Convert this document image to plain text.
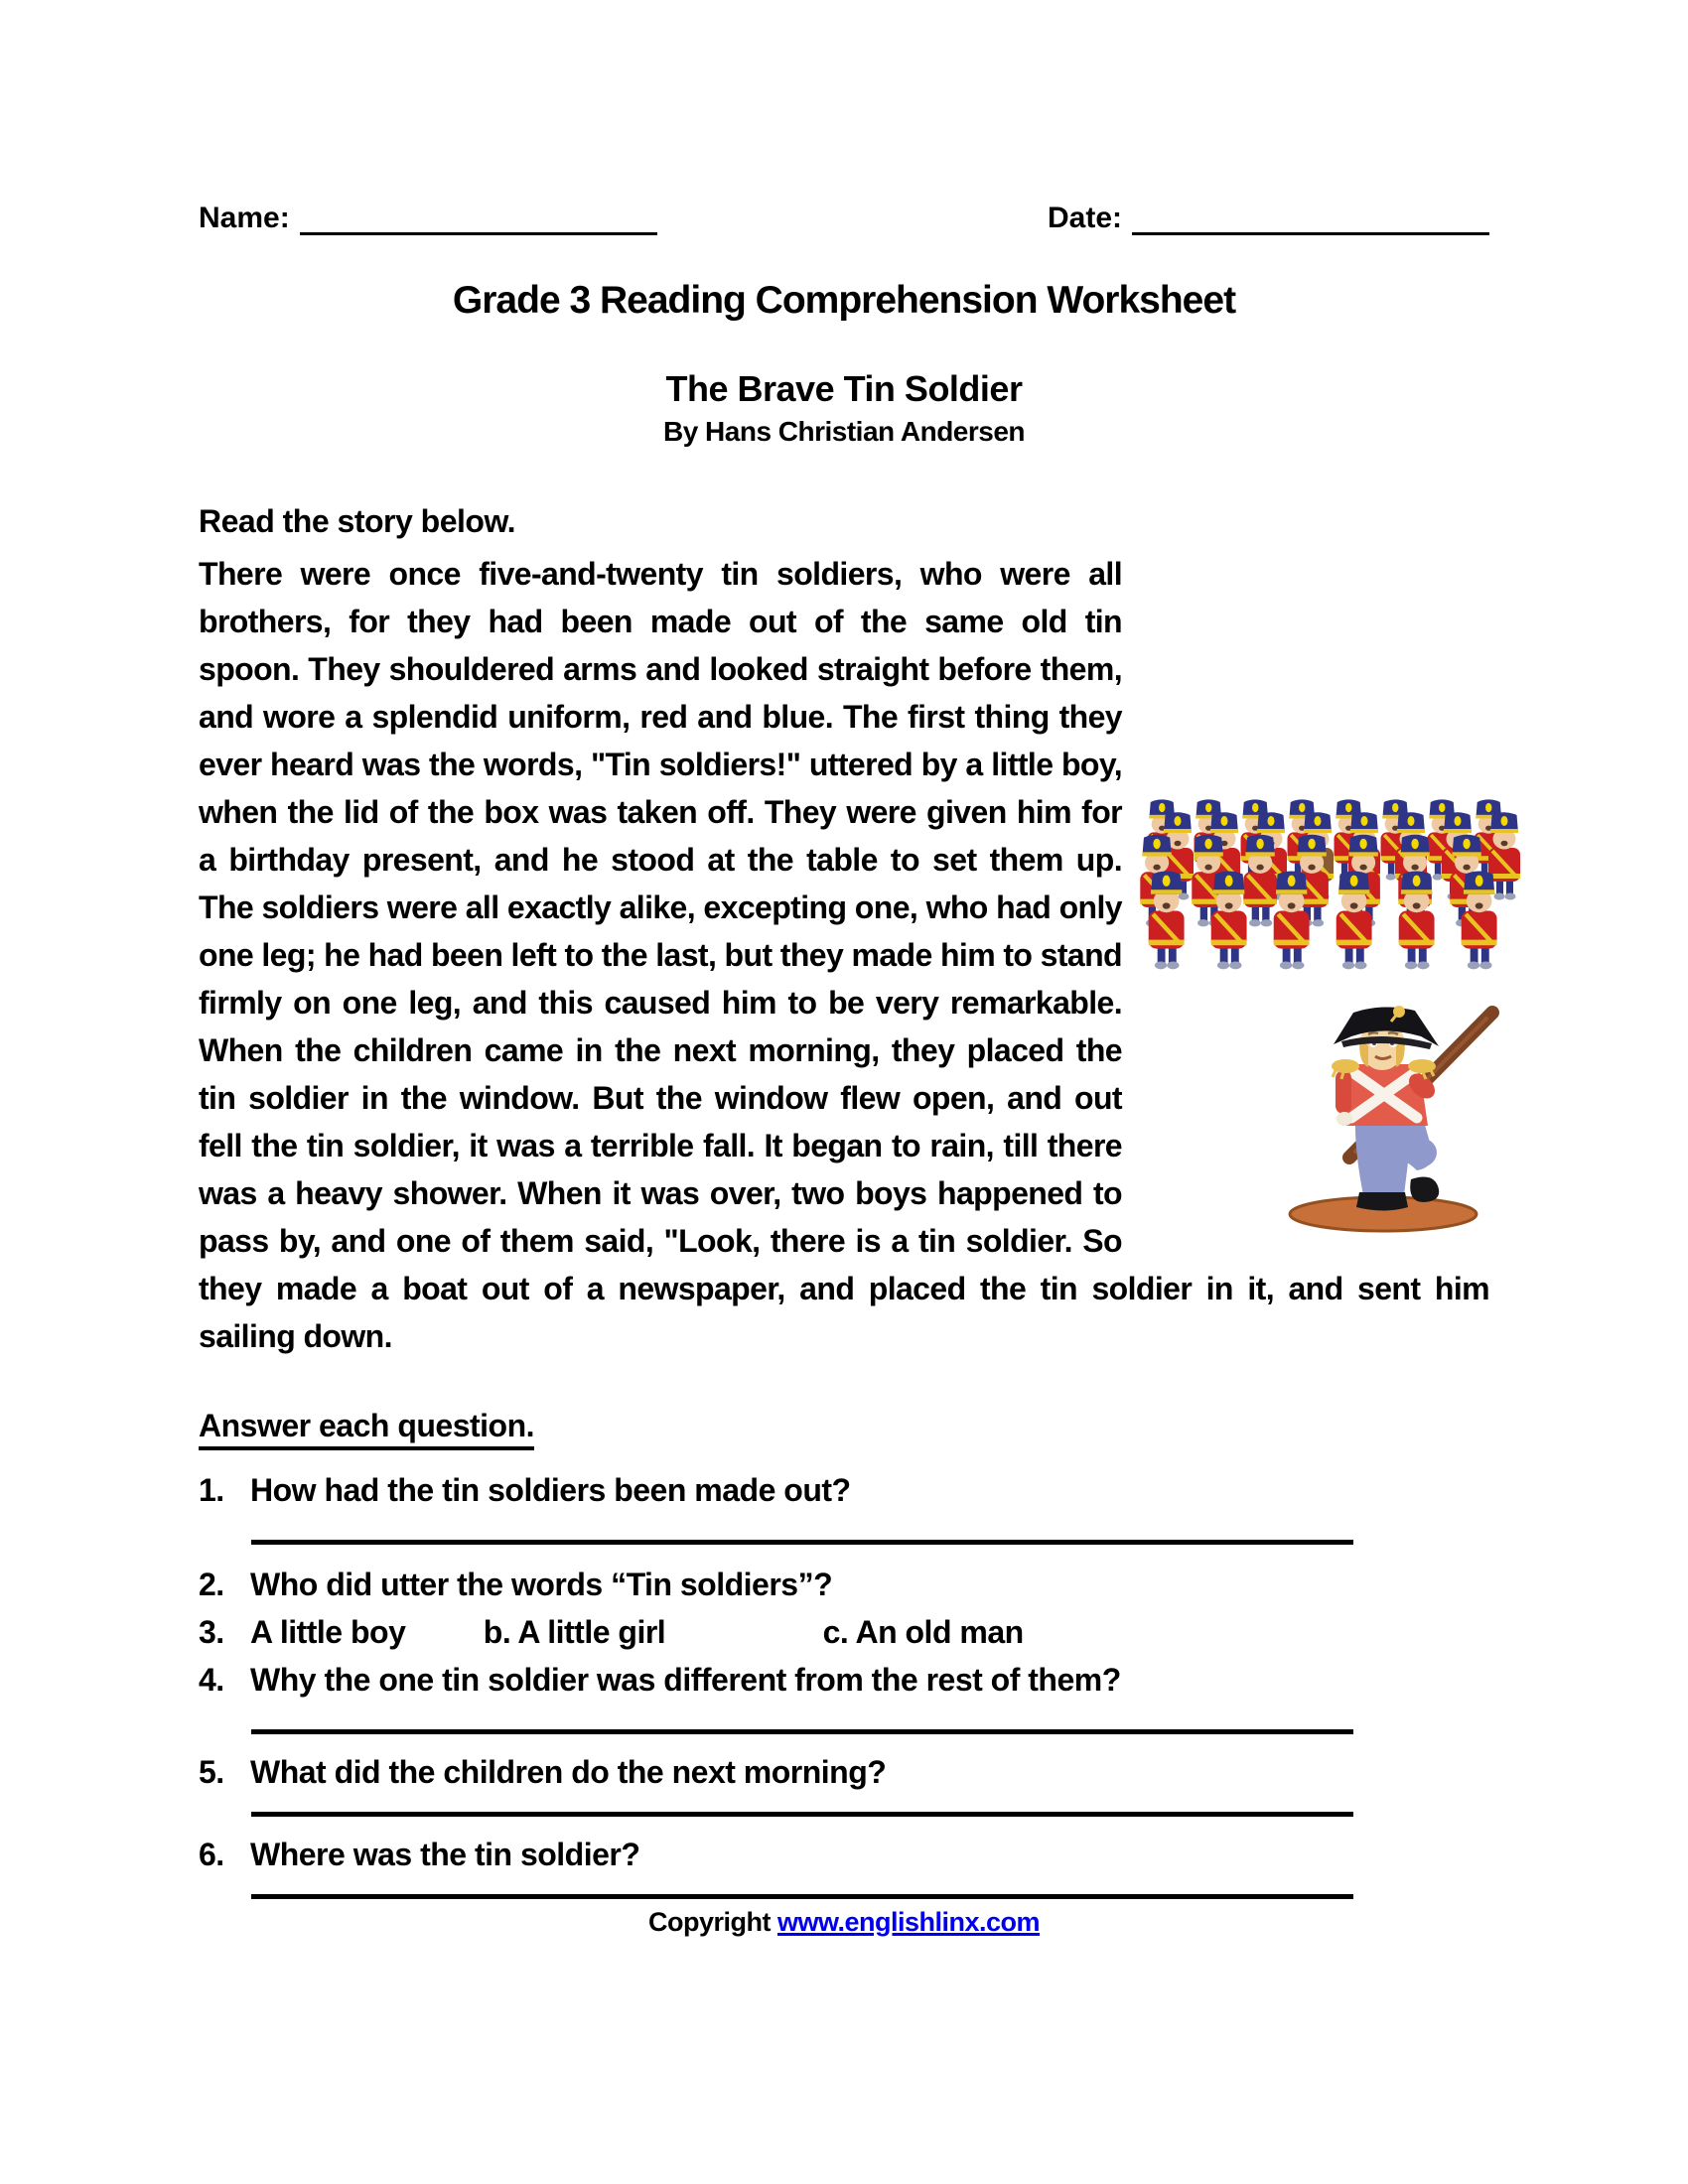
Name:	Date:
Grade 3 Reading Comprehension Worksheet
The Brave Tin Soldier
By Hans Christian Andersen
Read the story below.
There were once five-and-twenty tin soldiers, who were all brothers, for they had been made out of the same old tin spoon. They shouldered arms and looked straight before them, and wore a splendid uniform, red and blue. The first thing they ever heard was the words, "Tin soldiers!" uttered by a little boy, when the lid of the box was taken off. They were given him for a birthday present, and he stood at the table to set them up. The soldiers were all exactly alike, excepting one, who had only one leg; he had been left to the last, but they made him to stand firmly on one leg, and this caused him to be very remarkable. When the children came in the next morning, they placed the tin soldier in the window. But the window flew open, and out fell the tin soldier, it was a terrible fall. It began to rain, till there was a heavy shower. When it was over, two boys happened to pass by, and one of them said, "Look, there is a tin soldier. So they made a boat out of a newspaper, and placed the tin soldier in it, and sent him sailing down.
Answer each question.
1. How had the tin soldiers been made out?
2. Who did utter the words “Tin soldiers”?
3. A little boy b. A little girl	c. An old man
4. Why the one tin soldier was different from the rest of them?
5. What did the children do the next morning?
6. Where was the tin soldier?
Copyright www.englishlinx.com
